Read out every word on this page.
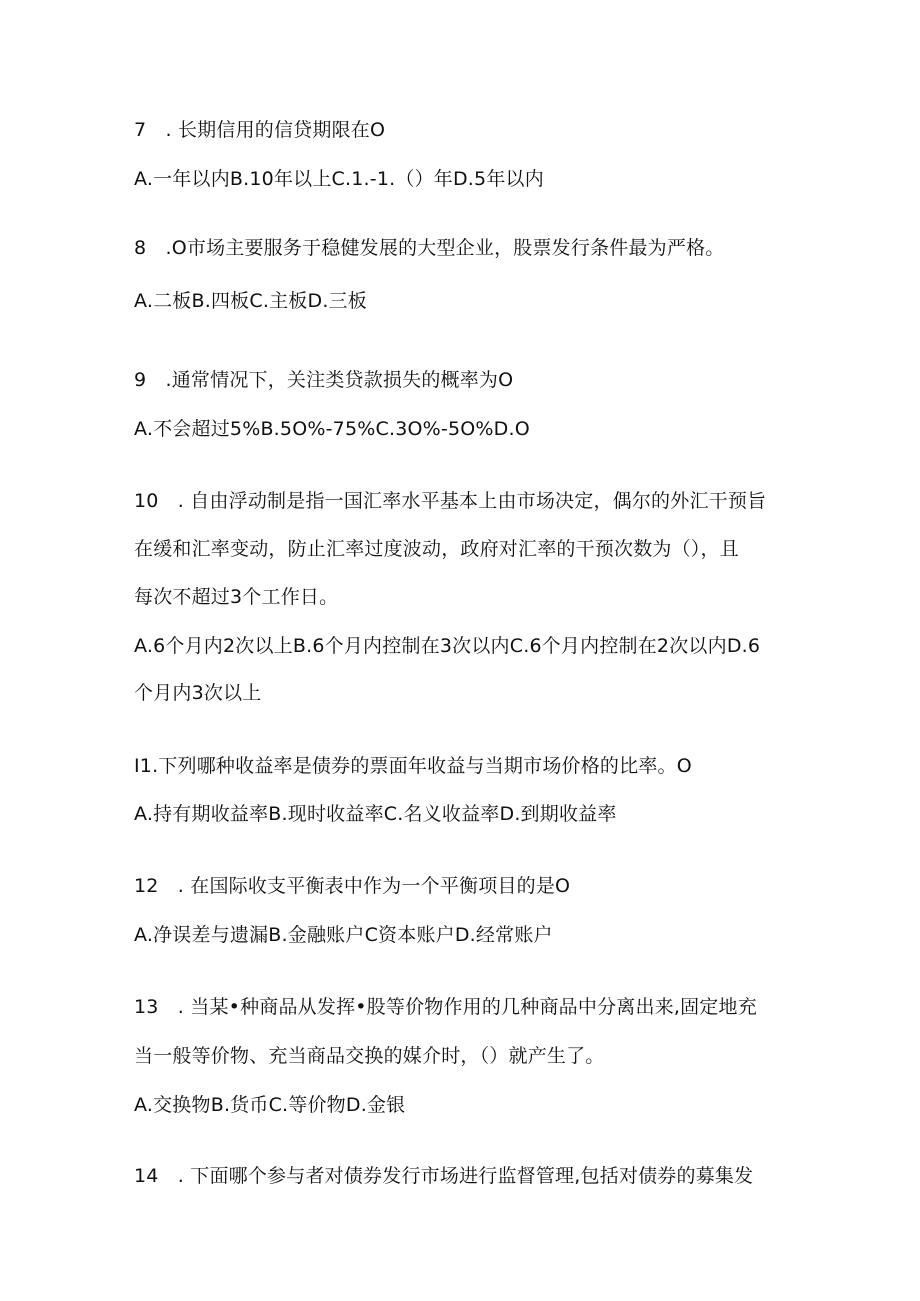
7　. 长期信用的信贷期限在O
A.一年以内B.10年以上C.1.-1.（）年D.5年以内
8　.O市场主要服务于稳健发展的大型企业，股票发行条件最为严格。
A.二板B.四板C.主板D.三板
9　.通常情况下，关注类贷款损失的概率为O
A.不会超过5%B.5O%-75%C.3O%-5O%D.O
10　. 自由浮动制是指一国汇率水平基本上由市场决定，偶尔的外汇干预旨
在缓和汇率变动，防止汇率过度波动，政府对汇率的干预次数为（），且
每次不超过3个工作日。
A.6个月内2次以上B.6个月内控制在3次以内C.6个月内控制在2次以内D.6
个月内3次以上
I1.下列哪种收益率是债券的票面年收益与当期市场价格的比率。O
A.持有期收益率B.现时收益率C.名义收益率D.到期收益率
12　. 在国际收支平衡表中作为一个平衡项目的是O
A.净误差与遗漏B.金融账户C资本账户D.经常账户
13　. 当某•种商品从发挥•股等价物作用的几种商品中分离出来,固定地充
当一般等价物、充当商品交换的媒介时，（）就产生了。
A.交换物B.货币C.等价物D.金银
14　. 下面哪个参与者对债券发行市场进行监督管理,包括对债券的募集发
